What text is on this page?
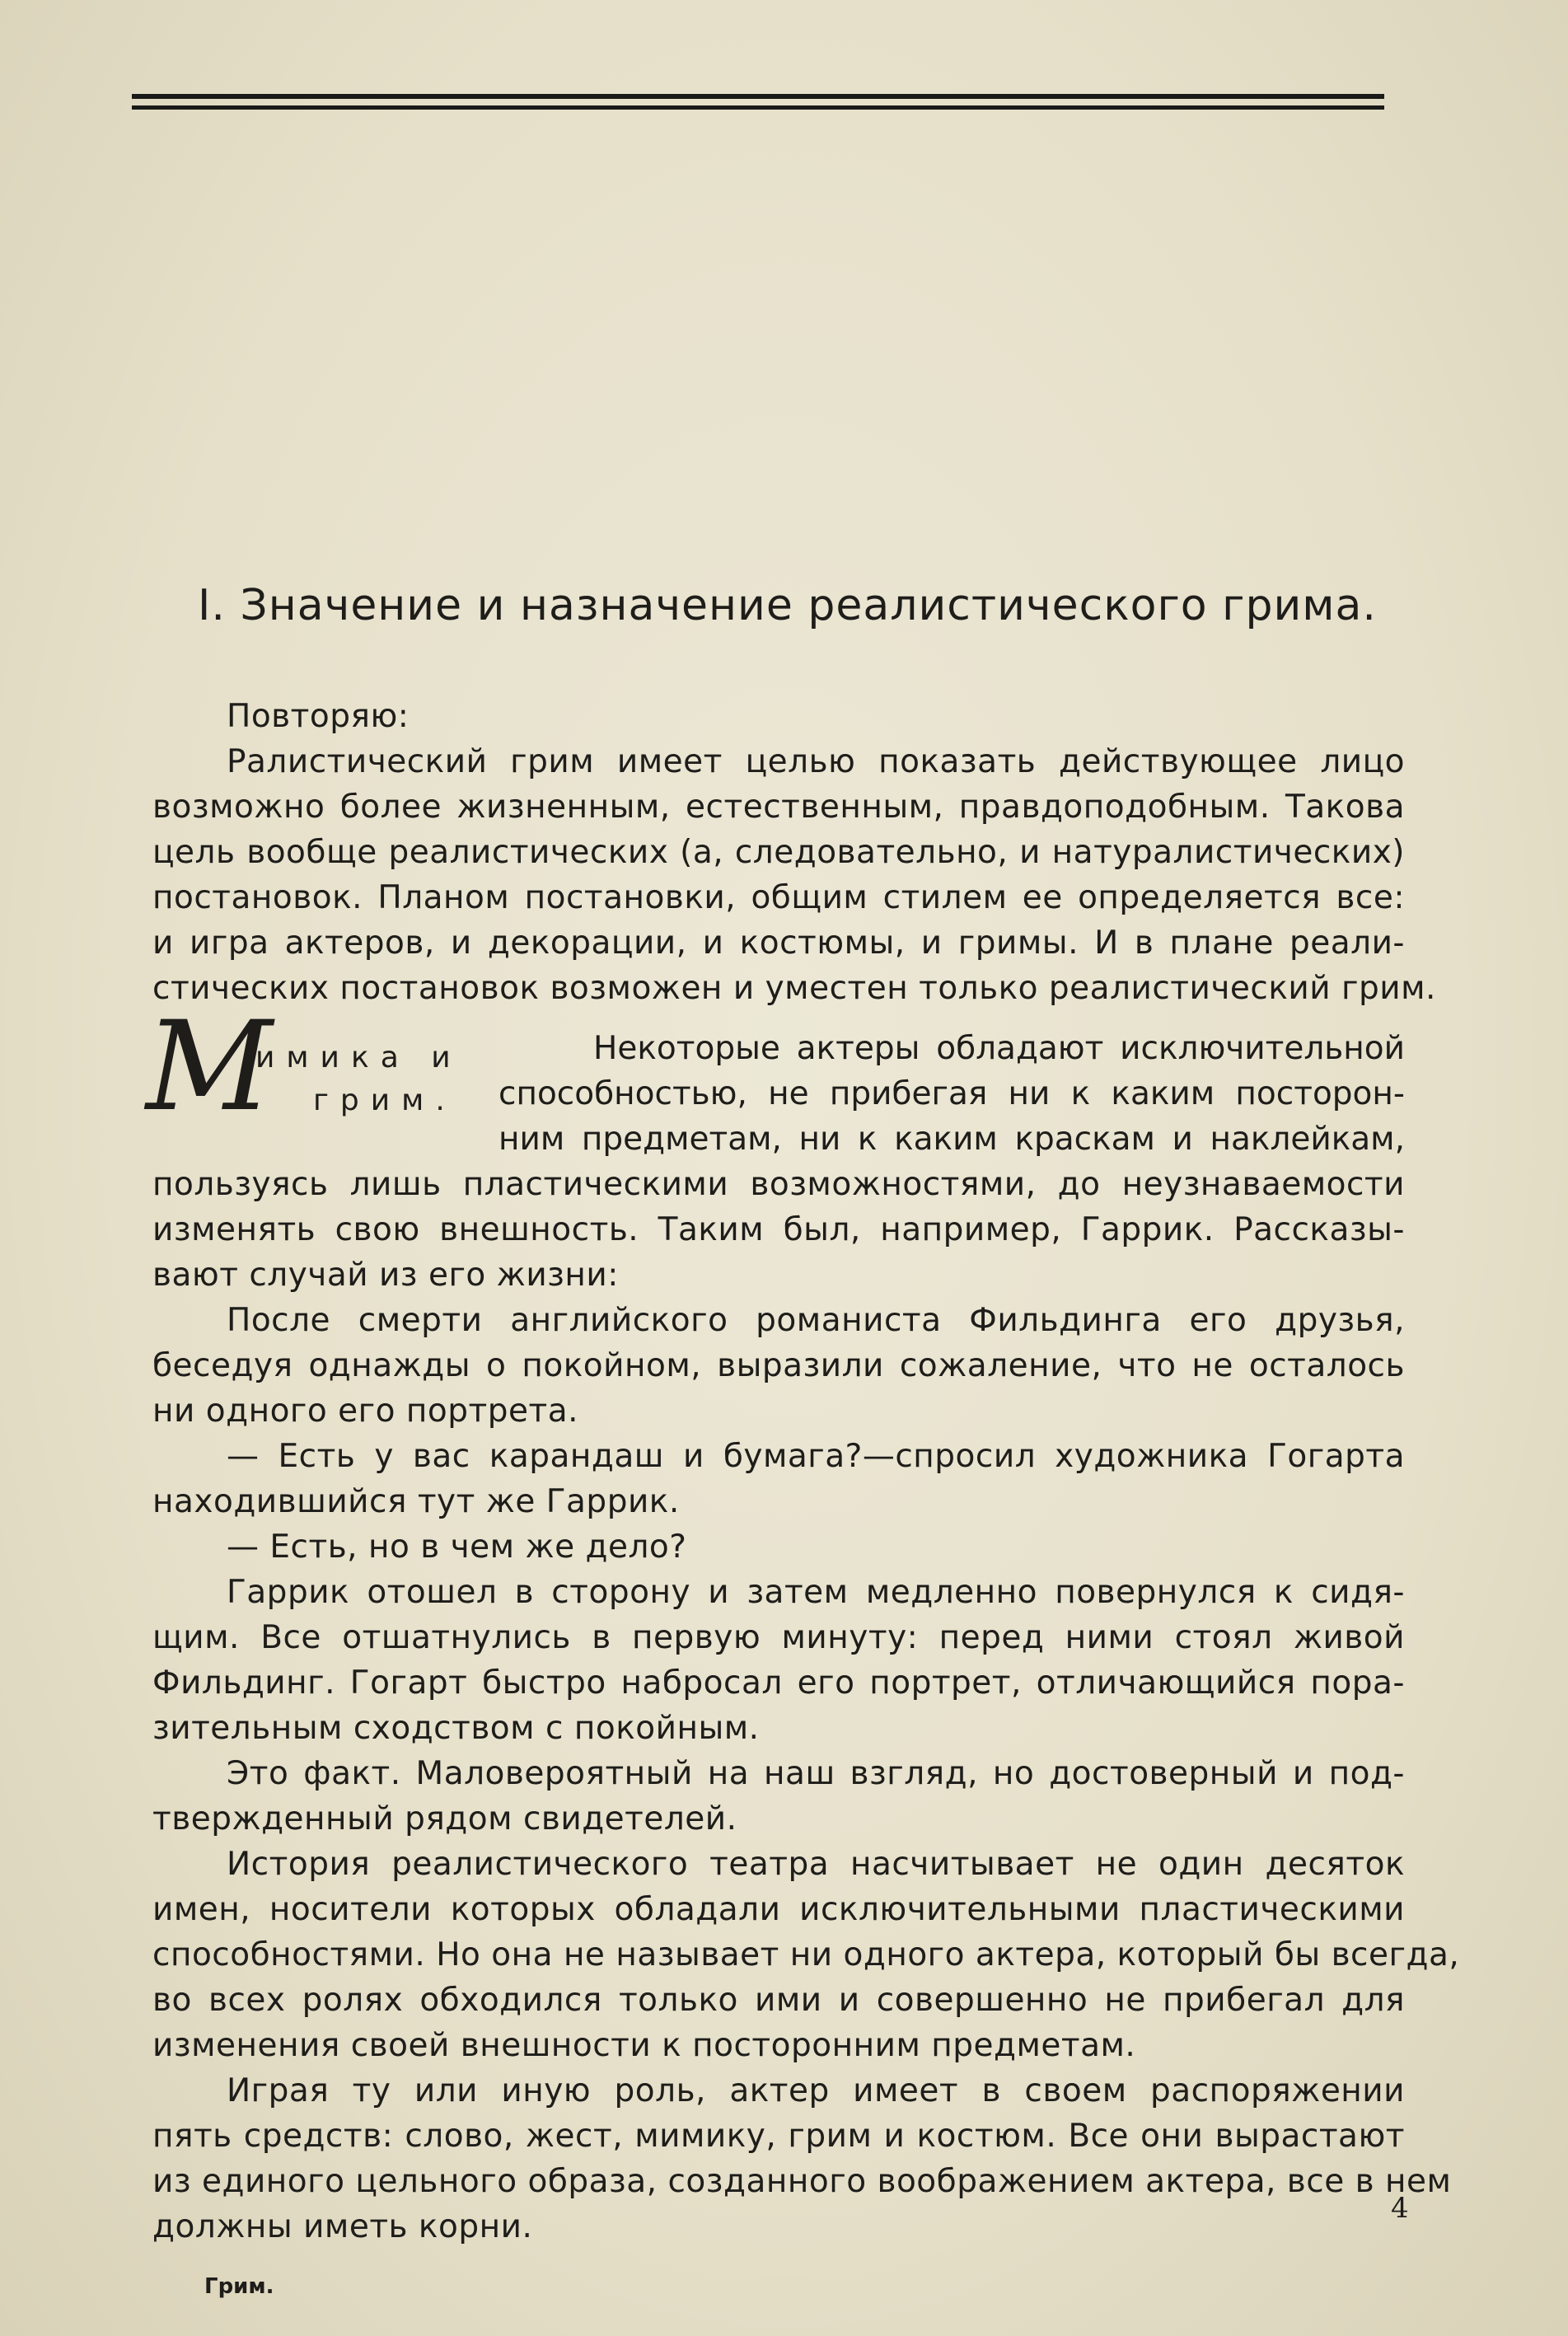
I. Значение и назначение реалистического грима.
Повторяю:
Ралистический грим имеет целью показать действующее лицо
возможно более жизненным, естественным, правдоподобным. Такова
цель вообще реалистических (а, следовательно, и натуралистических)
постановок. Планом постановки, общим стилем ее определяется все:
и игра актеров, и декорации, и костюмы, и гримы. И в плане реали-
стических постановок возможен и уместен только реалистический грим.
М
имика и
грим.
Некоторые актеры обладают исключительной
способностью, не прибегая ни к каким посторон-
ним предметам, ни к каким краскам и наклейкам,
пользуясь лишь пластическими возможностями, до неузнаваемости
изменять свою внешность. Таким был, например, Гаррик. Рассказы-
вают случай из его жизни:
После смерти английского романиста Фильдинга его друзья,
беседуя однажды о покойном, выразили сожаление, что не осталось
ни одного его портрета.
— Есть у вас карандаш и бумага?—спросил художника Гогарта
находившийся тут же Гаррик.
— Есть, но в чем же дело?
Гаррик отошел в сторону и затем медленно повернулся к сидя-
щим. Все отшатнулись в первую минуту: перед ними стоял живой
Фильдинг. Гогарт быстро набросал его портрет, отличающийся пора-
зительным сходством с покойным.
Это факт. Маловероятный на наш взгляд, но достоверный и под-
твержденный рядом свидетелей.
История реалистического театра насчитывает не один десяток
имен, носители которых обладали исключительными пластическими
способностями. Но она не называет ни одного актера, который бы всегда,
во всех ролях обходился только ими и совершенно не прибегал для
изменения своей внешности к посторонним предметам.
Играя ту или иную роль, актер имеет в своем распоряжении
пять средств: слово, жест, мимику, грим и костюм. Все они вырастают
из единого цельного образа, созданного воображением актера, все в нем
должны иметь корни.	4
Грим.
